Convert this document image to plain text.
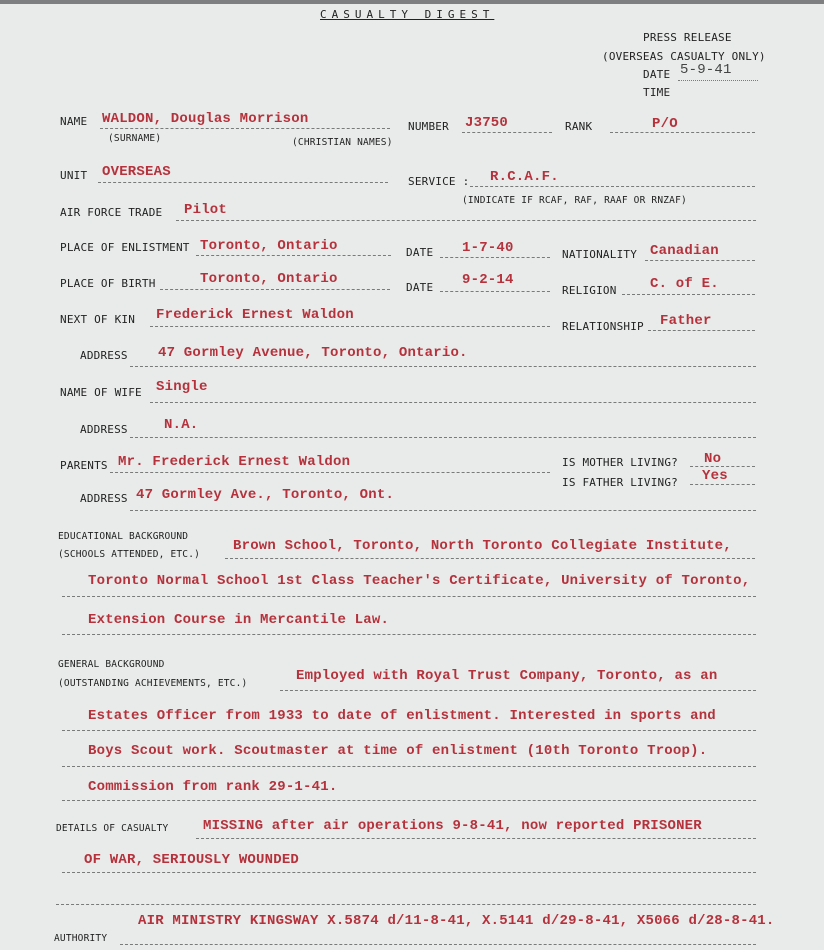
CASUALTY DIGEST
PRESS RELEASE
(OVERSEAS CASUALTY ONLY)
DATE 5-9-41
TIME
NAME WALDON, Douglas Morrison
(SURNAME)	(CHRISTIAN NAMES)
NUMBER J3750	RANK	P/O
UNIT OVERSEAS
SERVICE : R.C.A.F.
(INDICATE IF RCAF, RAF, RAAF OR RNZAF)
AIR FORCE TRADE Pilot
PLACE OF ENLISTMENT Toronto, Ontario	DATE 1-7-40	NATIONALITY Canadian
PLACE OF BIRTH	Toronto, Ontario
DATE 9-2-14
RELIGION C. of E.
NEXT OF KIN Frederick Ernest Waldon
RELATIONSHIP Father
ADDRESS 47 Gormley Avenue, Toronto, Ontario.
NAME OF WIFE Single
ADDRESS	N.A.
PARENTS Mr. Frederick Ernest Waldon	IS MOTHER LIVING? No
IS FATHER LIVING? Yes
ADDRESS 47 Gormley Ave., Toronto, Ont.
EDUCATIONAL BACKGROUND
(SCHOOLS ATTENDED, ETC.)
Brown School, Toronto, North Toronto Collegiate Institute,
Toronto Normal School 1st Class Teacher's Certificate, University of Toronto,
Extension Course in Mercantile Law.
GENERAL BACKGROUND
(OUTSTANDING ACHIEVEMENTS, ETC.)	Employed with Royal Trust Company, Toronto, as an
Estates Officer from 1933 to date of enlistment. Interested in sports and
Boys Scout work. Scoutmaster at time of enlistment (10th Toronto Troop).
Commission from rank 29-1-41.
DETAILS OF CASUALTY MISSING after air operations 9-8-41, now reported PRISONER
OF WAR, SERIOUSLY WOUNDED
AIR MINISTRY KINGSWAY X.5874 d/11-8-41, X.5141 d/29-8-41, X5066 d/28-8-41.
AUTHORITY
